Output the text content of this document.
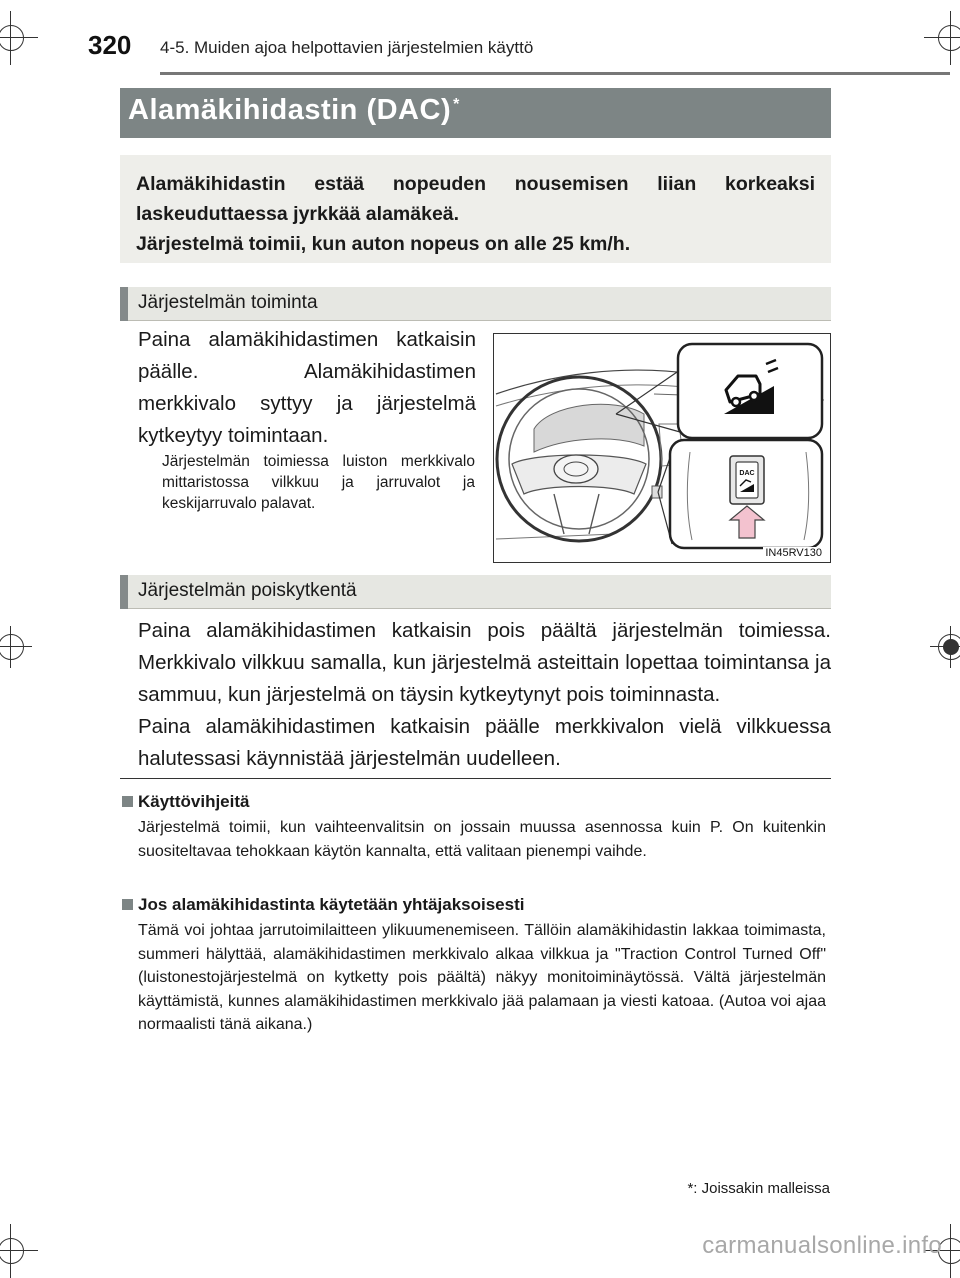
320 4-5. Muiden ajoa helpottavien järjestelmien käyttö
Alamäkihidastin (DAC) *

Alamäkihidastin estää nopeuden nousemisen liian korkeaksi laskeuduttaessa jyrkkää alamäkeä.

Järjestelmä toimii, kun auton nopeus on alle 25 km/h.

Järjestelmän toiminta
Paina alamäkihidastimen katkaisin päälle. Alamäkihidastimen merkkivalo syttyy ja järjestelmä kytkeytyy toimintaan.
Järjestelmän toimiessa luiston merkkivalo mittaristossa vilkkuu ja jarruvalot ja keskijarruvalo palavat.
DAC
IN45RV130
Järjestelmän poiskytkentä

Paina alamäkihidastimen katkaisin pois päältä järjestelmän toimiessa. Merkkivalo vilkkuu samalla, kun järjestelmä asteittain lopettaa toimintansa ja sammuu, kun järjestelmä on täysin kytkeytynyt pois toiminnasta.

Paina alamäkihidastimen katkaisin päälle merkkivalon vielä vilkkuessa halutessasi käynnistää järjestelmän uudelleen.

Käyttövihjeitä
Järjestelmä toimii, kun vaihteenvalitsin on jossain muussa asennossa kuin P. On kuitenkin suositeltavaa tehokkaan käytön kannalta, että valitaan pienempi vaihde.
Jos alamäkihidastinta käytetään yhtäjaksoisesti
Tämä voi johtaa jarrutoimilaitteen ylikuumenemiseen. Tällöin alamäkihidastin lakkaa toimimasta, summeri hälyttää, alamäkihidastimen merkkivalo alkaa vilkkua ja "Traction Control Turned Off" (luistonestojärjestelmä on kytketty pois päältä) näkyy monitoiminäytössä. Vältä järjestelmän käyttämistä, kunnes alamäkihidastimen merkkivalo jää palamaan ja viesti katoaa. (Autoa voi ajaa normaalisti tänä aikana.)
*: Joissakin malleissa
carmanualsonline.info
